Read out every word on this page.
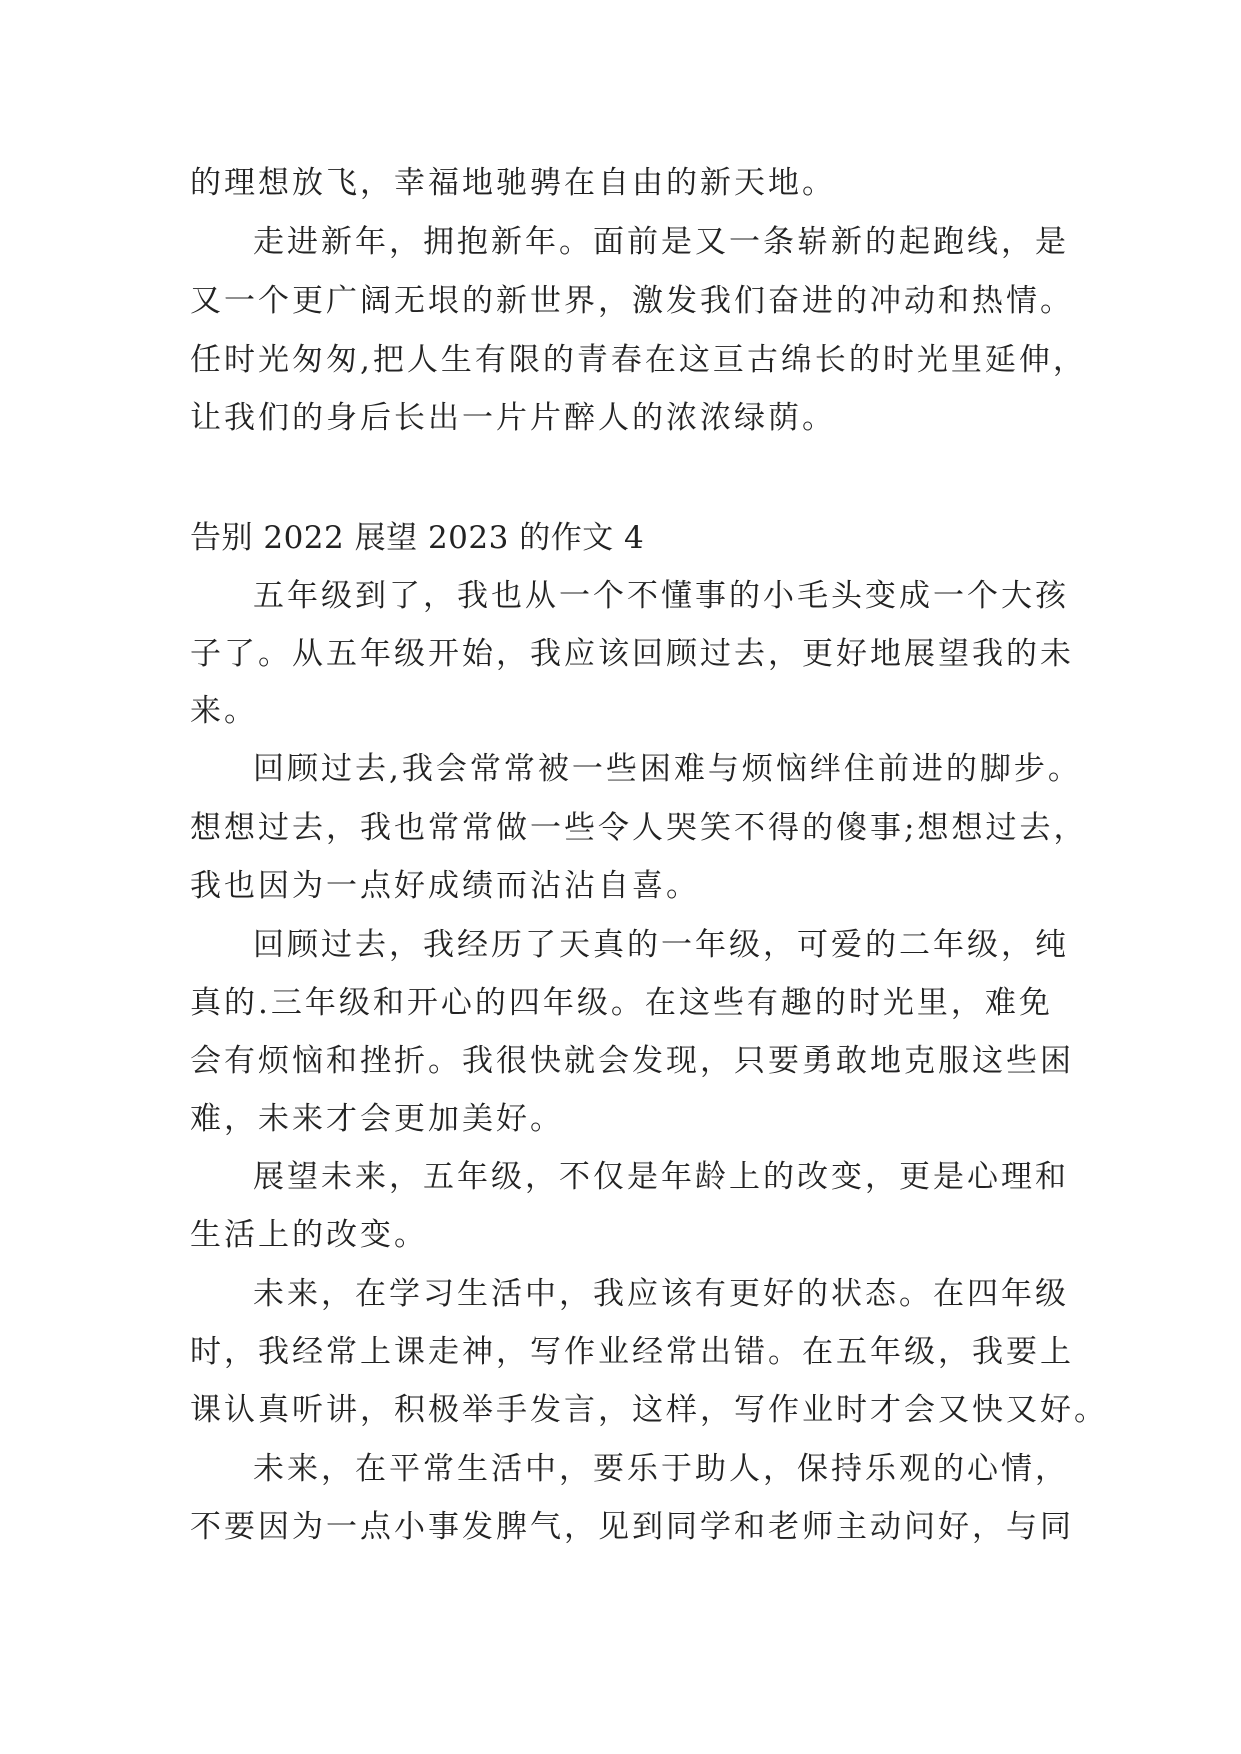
的理想放飞，幸福地驰骋在自由的新天地。
走进新年，拥抱新年。面前是又一条崭新的起跑线，是
又一个更广阔无垠的新世界，激发我们奋进的冲动和热情。
任时光匆匆,把人生有限的青春在这亘古绵长的时光里延伸，
让我们的身后长出一片片醉人的浓浓绿荫。
告别 2022 展望 2023 的作文 4
五年级到了，我也从一个不懂事的小毛头变成一个大孩
子了。从五年级开始，我应该回顾过去，更好地展望我的未
来。
回顾过去,我会常常被一些困难与烦恼绊住前进的脚步。
想想过去，我也常常做一些令人哭笑不得的傻事;想想过去，
我也因为一点好成绩而沾沾自喜。
回顾过去，我经历了天真的一年级，可爱的二年级，纯
真的.三年级和开心的四年级。在这些有趣的时光里，难免
会有烦恼和挫折。我很快就会发现，只要勇敢地克服这些困
难，未来才会更加美好。
展望未来，五年级，不仅是年龄上的改变，更是心理和
生活上的改变。
未来，在学习生活中，我应该有更好的状态。在四年级
时，我经常上课走神，写作业经常出错。在五年级，我要上
课认真听讲，积极举手发言，这样，写作业时才会又快又好。
未来，在平常生活中，要乐于助人，保持乐观的心情，
不要因为一点小事发脾气，见到同学和老师主动问好，与同
